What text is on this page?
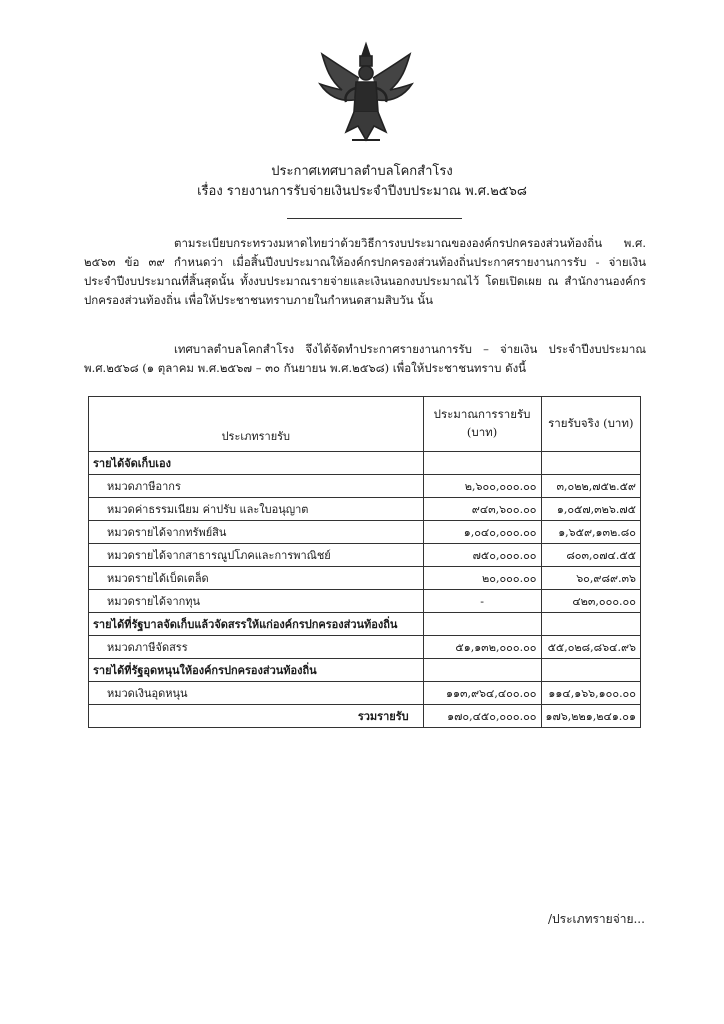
ประกาศเทศบาลตำบลโคกสำโรง
เรื่อง รายงานการรับจ่ายเงินประจำปีงบประมาณ พ.ศ.๒๕๖๘
ตามระเบียบกระทรวงมหาดไทยว่าด้วยวิธีการงบประมาณขององค์กรปกครองส่วนท้องถิ่น พ.ศ. ๒๕๖๓ ข้อ ๓๙ กำหนดว่า เมื่อสิ้นปีงบประมาณให้องค์กรปกครองส่วนท้องถิ่นประกาศรายงานการรับ - จ่ายเงิน ประจำปีงบประมาณที่สิ้นสุดนั้น ทั้งงบประมาณรายจ่ายและเงินนอกงบประมาณไว้ โดยเปิดเผย ณ สำนักงานองค์กรปกครองส่วนท้องถิ่น เพื่อให้ประชาชนทราบภายในกำหนดสามสิบวัน นั้น
เทศบาลตำบลโคกสำโรง จึงได้จัดทำประกาศรายงานการรับ – จ่ายเงิน ประจำปีงบประมาณ พ.ศ.๒๕๖๘ (๑ ตุลาคม พ.ศ.๒๕๖๗ – ๓๐ กันยายน พ.ศ.๒๕๖๘) เพื่อให้ประชาชนทราบ ดังนี้
ประเภทรายรับ	ประมาณการรายรับ (บาท)	รายรับจริง (บาท)
รายได้จัดเก็บเอง		
หมวดภาษีอากร	๒,๖๐๐,๐๐๐.๐๐	๓,๐๒๒,๗๕๒.๕๙
หมวดค่าธรรมเนียม ค่าปรับ และใบอนุญาต	๙๔๓,๖๐๐.๐๐	๑,๐๕๗,๓๒๖.๗๕
หมวดรายได้จากทรัพย์สิน	๑,๐๔๐,๐๐๐.๐๐	๑,๖๕๙,๑๓๒.๘๐
หมวดรายได้จากสาธารณูปโภคและการพาณิชย์	๗๕๐,๐๐๐.๐๐	๘๐๓,๐๗๔.๕๕
หมวดรายได้เบ็ดเตล็ด	๒๐,๐๐๐.๐๐	๖๐,๙๘๙.๓๖
หมวดรายได้จากทุน	-	๔๒๓,๐๐๐.๐๐
รายได้ที่รัฐบาลจัดเก็บแล้วจัดสรรให้แก่องค์กรปกครองส่วนท้องถิ่น		
หมวดภาษีจัดสรร	๕๑,๑๓๒,๐๐๐.๐๐	๕๕,๐๒๘,๘๖๔.๙๖
รายได้ที่รัฐอุดหนุนให้องค์กรปกครองส่วนท้องถิ่น		
หมวดเงินอุดหนุน	๑๑๓,๙๖๔,๔๐๐.๐๐	๑๑๔,๑๖๖,๑๐๐.๐๐
รวมรายรับ	๑๗๐,๔๕๐,๐๐๐.๐๐	๑๗๖,๒๒๑,๒๔๑.๐๑
/ประเภทรายจ่าย...
